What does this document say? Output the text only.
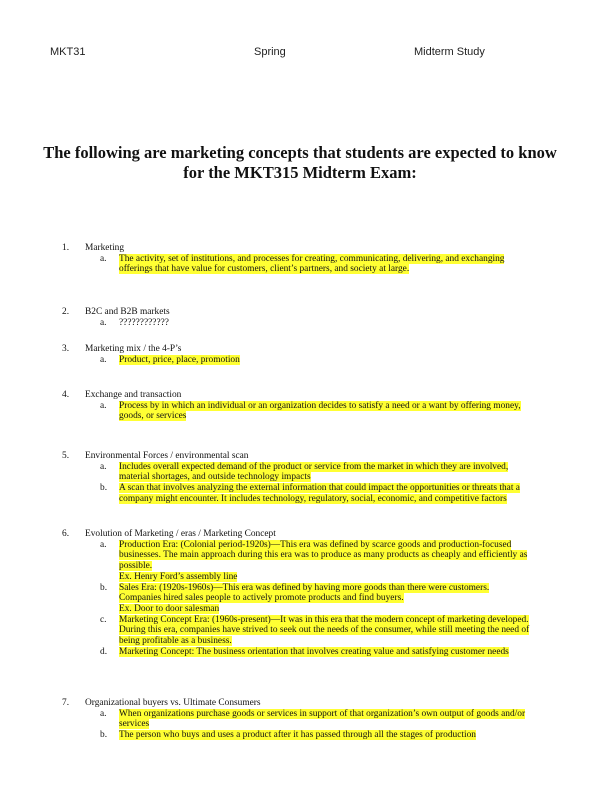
MKT31	Spring	Midterm Study
The following are marketing concepts that students are expected to know
for the MKT315 Midterm Exam:
1. Marketing
a. The activity, set of institutions, and processes for creating, communicating, delivering, and exchanging
offerings that have value for customers, client’s partners, and society at large.
2. B2C and B2B markets
a. ????????????
3. Marketing mix / the 4-P’s
a. Product, price, place, promotion
4. Exchange and transaction
a. Process by in which an individual or an organization decides to satisfy a need or a want by offering money,
goods, or services
5. Environmental Forces / environmental scan
a. Includes overall expected demand of the product or service from the market in which they are involved,
material shortages, and outside technology impacts
b. A scan that involves analyzing the external information that could impact the opportunities or threats that a
company might encounter. It includes technology, regulatory, social, economic, and competitive factors
6. Evolution of Marketing / eras / Marketing Concept
a. Production Era: (Colonial period-1920s)—This era was defined by scarce goods and production-focused
businesses. The main approach during this era was to produce as many products as cheaply and efficiently as
possible.
Ex. Henry Ford’s assembly line
b. Sales Era: (1920s-1960s)—This era was defined by having more goods than there were customers.
Companies hired sales people to actively promote products and find buyers.
Ex. Door to door salesman
c. Marketing Concept Era: (1960s-present)—It was in this era that the modern concept of marketing developed.
During this era, companies have strived to seek out the needs of the consumer, while still meeting the need of
being profitable as a business.
d. Marketing Concept: The business orientation that involves creating value and satisfying customer needs
7. Organizational buyers vs. Ultimate Consumers
a. When organizations purchase goods or services in support of that organization’s own output of goods and/or
services
b. The person who buys and uses a product after it has passed through all the stages of production
